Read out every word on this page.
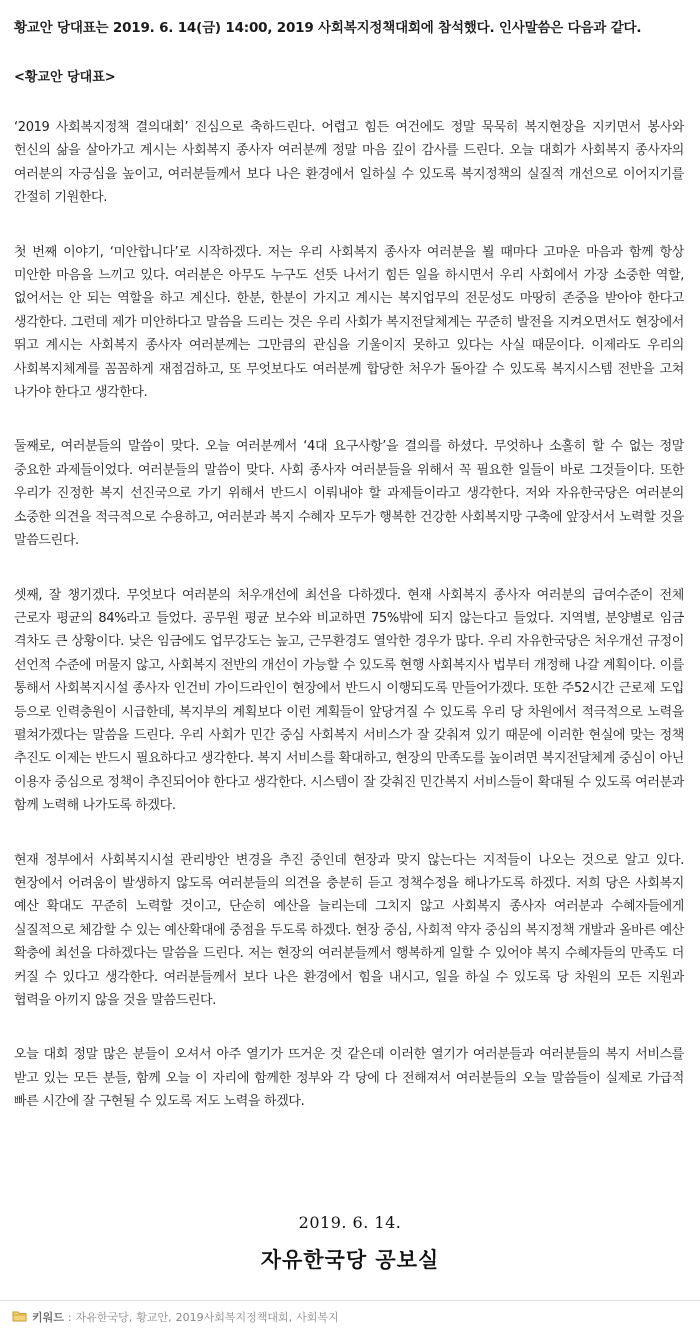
황교안 당대표는 2019. 6. 14(금) 14:00, 2019 사회복지정책대회에 참석했다. 인사말씀은 다음과 같다.
<황교안 당대표>

‘2019 사회복지정책 결의대회’ 진심으로 축하드린다. 어렵고 힘든 여건에도 정말 묵묵히 복지현장을 지키면서 봉사와 헌신의 삶을 살아가고 계시는 사회복지 종사자 여러분께 정말 마음 깊이 감사를 드린다. 오늘 대회가 사회복지 종사자의 여러분의 자긍심을 높이고, 여러분들께서 보다 나은 환경에서 일하실 수 있도록 복지정책의 실질적 개선으로 이어지기를 간절히 기원한다.

첫 번째 이야기, ‘미안합니다’로 시작하겠다. 저는 우리 사회복지 종사자 여러분을 뵐 때마다 고마운 마음과 함께 항상 미안한 마음을 느끼고 있다. 여러분은 아무도 누구도 선뜻 나서기 힘든 일을 하시면서 우리 사회에서 가장 소중한 역할, 없어서는 안 되는 역할을 하고 계신다. 한분, 한분이 가지고 계시는 복지업무의 전문성도 마땅히 존중을 받아야 한다고 생각한다. 그런데 제가 미안하다고 말씀을 드리는 것은 우리 사회가 복지전달체계는 꾸준히 발전을 지켜오면서도 현장에서 뛰고 계시는 사회복지 종사자 여러분께는 그만큼의 관심을 기울이지 못하고 있다는 사실 때문이다. 이제라도 우리의 사회복지체계를 꼼꼼하게 재점검하고, 또 무엇보다도 여러분께 합당한 처우가 돌아갈 수 있도록 복지시스템 전반을 고쳐 나가야 한다고 생각한다.

둘째로, 여러분들의 말씀이 맞다. 오늘 여러분께서 ‘4대 요구사항’을 결의를 하셨다. 무엇하나 소홀히 할 수 없는 정말 중요한 과제들이었다. 여러분들의 말씀이 맞다. 사회 종사자 여러분들을 위해서 꼭 필요한 일들이 바로 그것들이다. 또한 우리가 진정한 복지 선진국으로 가기 위해서 반드시 이뤄내야 할 과제들이라고 생각한다. 저와 자유한국당은 여러분의 소중한 의견을 적극적으로 수용하고, 여러분과 복지 수혜자 모두가 행복한 건강한 사회복지망 구축에 앞장서서 노력할 것을 말씀드린다.

셋째, 잘 챙기겠다. 무엇보다 여러분의 처우개선에 최선을 다하겠다. 현재 사회복지 종사자 여러분의 급여수준이 전체 근로자 평균의 84%라고 들었다. 공무원 평균 보수와 비교하면 75%밖에 되지 않는다고 들었다. 지역별, 분양별로 임금 격차도 큰 상황이다. 낮은 임금에도 업무강도는 높고, 근무환경도 열악한 경우가 많다. 우리 자유한국당은 처우개선 규정이 선언적 수준에 머물지 않고, 사회복지 전반의 개선이 가능할 수 있도록 현행 사회복지사 법부터 개정해 나갈 계획이다. 이를 통해서 사회복지시설 종사자 인건비 가이드라인이 현장에서 반드시 이행되도록 만들어가겠다. 또한 주52시간 근로제 도입 등으로 인력충원이 시급한데, 복지부의 계획보다 이런 계획들이 앞당겨질 수 있도록 우리 당 차원에서 적극적으로 노력을 펼쳐가겠다는 말씀을 드린다. 우리 사회가 민간 중심 사회복지 서비스가 잘 갖춰져 있기 때문에 이러한 현실에 맞는 정책 추진도 이제는 반드시 필요하다고 생각한다. 복지 서비스를 확대하고, 현장의 만족도를 높이려면 복지전달체계 중심이 아닌 이용자 중심으로 정책이 추진되어야 한다고 생각한다. 시스템이 잘 갖춰진 민간복지 서비스들이 확대될 수 있도록 여러분과 함께 노력해 나가도록 하겠다.

현재 정부에서 사회복지시설 관리방안 변경을 추진 중인데 현장과 맞지 않는다는 지적들이 나오는 것으로 알고 있다. 현장에서 어려움이 발생하지 않도록 여러분들의 의견을 충분히 듣고 정책수정을 해나가도록 하겠다. 저희 당은 사회복지 예산 확대도 꾸준히 노력할 것이고, 단순히 예산을 늘리는데 그치지 않고 사회복지 종사자 여러분과 수혜자들에게 실질적으로 체감할 수 있는 예산확대에 중점을 두도록 하겠다. 현장 중심, 사회적 약자 중심의 복지정책 개발과 올바른 예산 확충에 최선을 다하겠다는 말씀을 드린다. 저는 현장의 여러분들께서 행복하게 일할 수 있어야 복지 수혜자들의 만족도 더 커질 수 있다고 생각한다. 여러분들께서 보다 나은 환경에서 힘을 내시고, 일을 하실 수 있도록 당 차원의 모든 지원과 협력을 아끼지 않을 것을 말씀드린다.

오늘 대회 정말 많은 분들이 오셔서 아주 열기가 뜨거운 것 같은데 이러한 열기가 여러분들과 여러분들의 복지 서비스를 받고 있는 모든 분들, 함께 오늘 이 자리에 함께한 정부와 각 당에 다 전해져서 여러분들의 오늘 말씀들이 실제로 가급적 빠른 시간에 잘 구현될 수 있도록 저도 노력을 하겠다.

2019. 6. 14.
자유한국당 공보실
키워드 : 자유한국당 , 황교안 , 2019사회복지정책대회 , 사회복지
